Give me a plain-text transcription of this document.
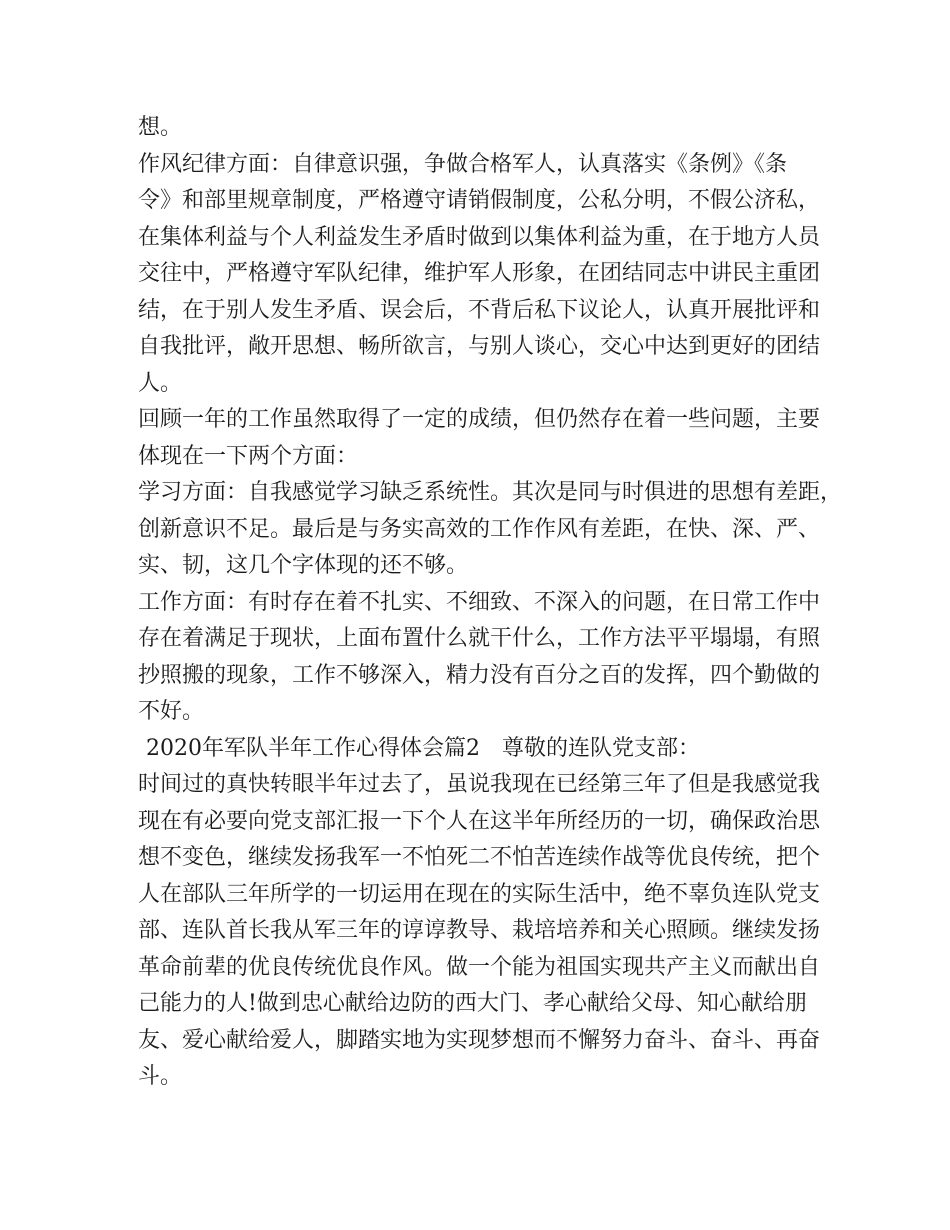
想。
作风纪律方面：自律意识强，争做合格军人，认真落实《条例》《条
令》和部里规章制度，严格遵守请销假制度，公私分明，不假公济私，
在集体利益与个人利益发生矛盾时做到以集体利益为重，在于地方人员
交往中，严格遵守军队纪律，维护军人形象，在团结同志中讲民主重团
结，在于别人发生矛盾、误会后，不背后私下议论人，认真开展批评和
自我批评，敞开思想、畅所欲言，与别人谈心，交心中达到更好的团结
人。
回顾一年的工作虽然取得了一定的成绩，但仍然存在着一些问题，主要
体现在一下两个方面：
学习方面：自我感觉学习缺乏系统性。其次是同与时俱进的思想有差距，
创新意识不足。最后是与务实高效的工作作风有差距，在快、深、严、
实、韧，这几个字体现的还不够。
工作方面：有时存在着不扎实、不细致、不深入的问题，在日常工作中
存在着满足于现状，上面布置什么就干什么，工作方法平平塌塌，有照
抄照搬的现象，工作不够深入，精力没有百分之百的发挥，四个勤做的
不好。
2020年军队半年工作心得体会篇2　尊敬的连队党支部：
时间过的真快转眼半年过去了，虽说我现在已经第三年了但是我感觉我
现在有必要向党支部汇报一下个人在这半年所经历的一切，确保政治思
想不变色，继续发扬我军一不怕死二不怕苦连续作战等优良传统，把个
人在部队三年所学的一切运用在现在的实际生活中，绝不辜负连队党支
部、连队首长我从军三年的谆谆教导、栽培培养和关心照顾。继续发扬
革命前辈的优良传统优良作风。做一个能为祖国实现共产主义而献出自
己能力的人!做到忠心献给边防的西大门、孝心献给父母、知心献给朋
友、爱心献给爱人，脚踏实地为实现梦想而不懈努力奋斗、奋斗、再奋
斗。
